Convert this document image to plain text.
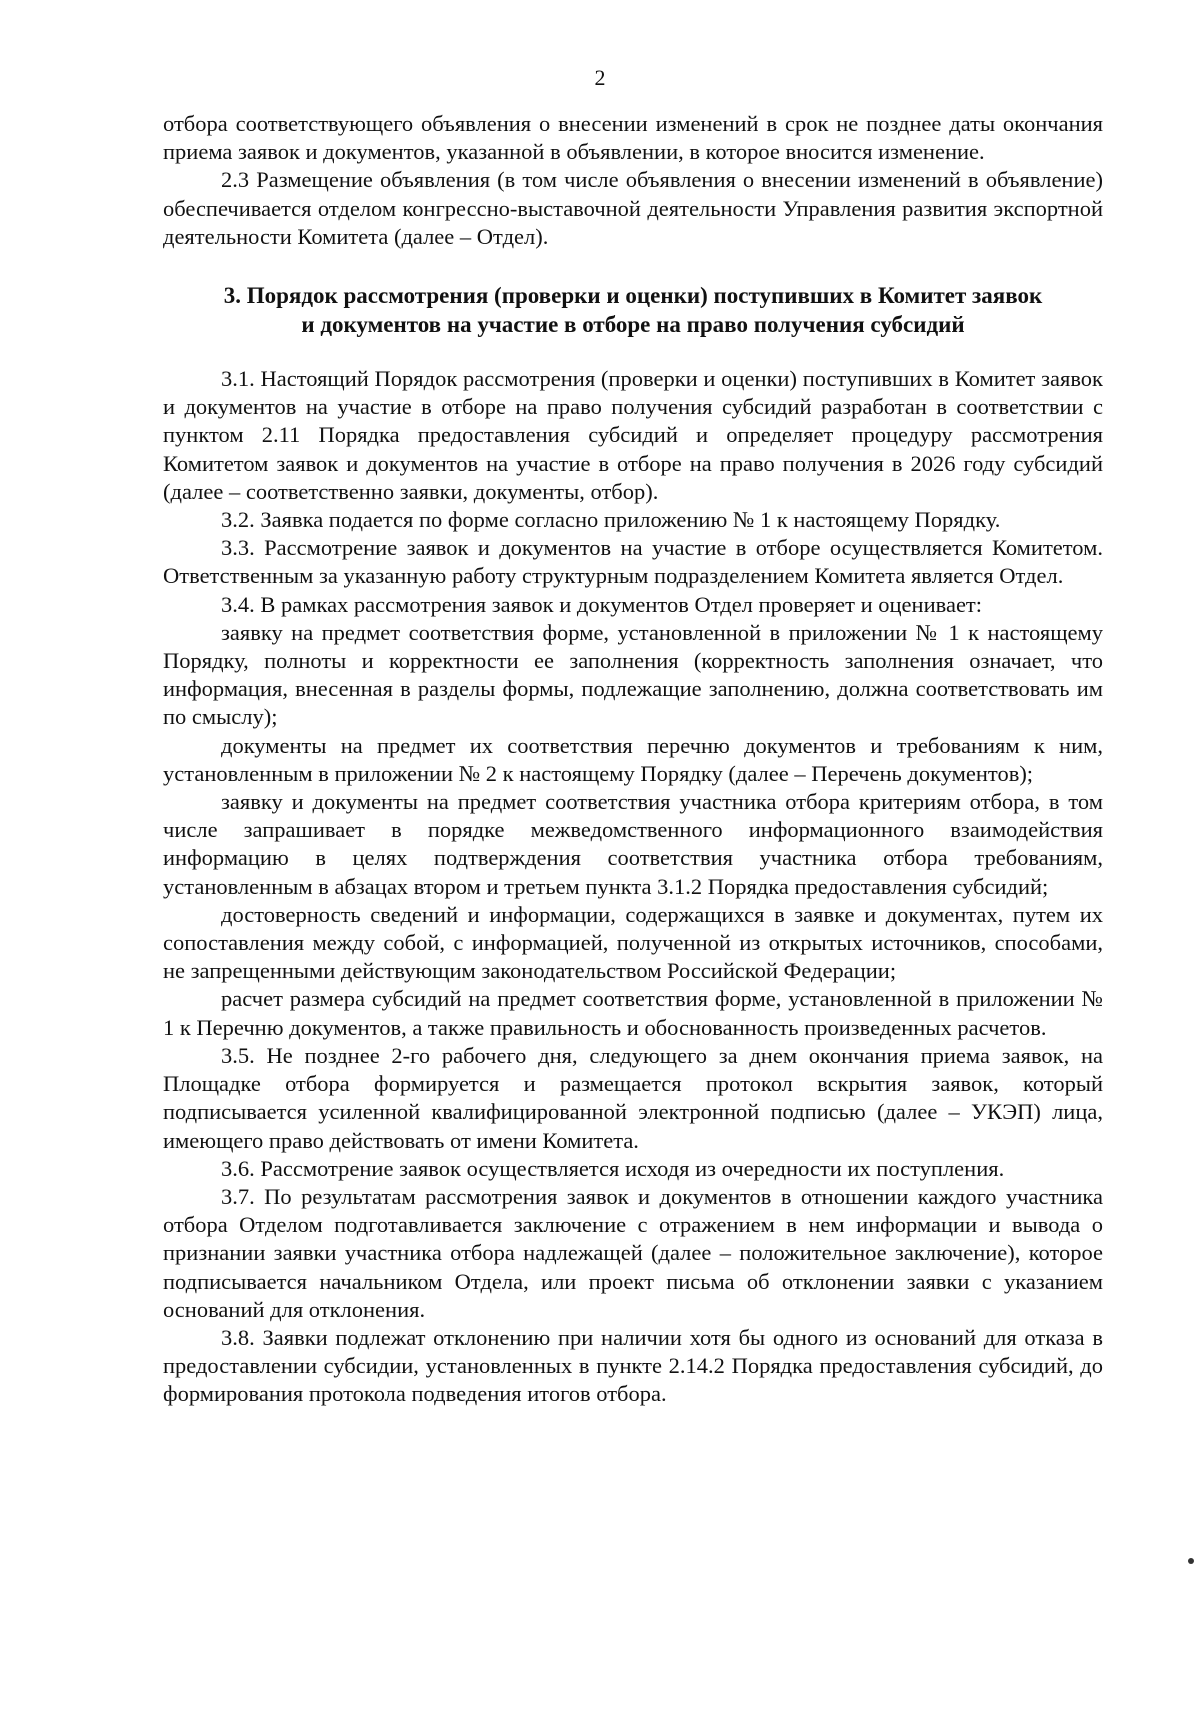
2

отбора соответствующего объявления о внесении изменений в срок не позднее даты окончания приема заявок и документов, указанной в объявлении, в которое вносится изменение.

2.3 Размещение объявления (в том числе объявления о внесении изменений в объявление) обеспечивается отделом конгрессно-выставочной деятельности Управления развития экспортной деятельности Комитета (далее – Отдел).

3. Порядок рассмотрения (проверки и оценки) поступивших в Комитет заявок
и документов на участие в отборе на право получения субсидий

3.1. Настоящий Порядок рассмотрения (проверки и оценки) поступивших в Комитет заявок и документов на участие в отборе на право получения субсидий разработан в соответствии с пунктом 2.11 Порядка предоставления субсидий и определяет процедуру рассмотрения Комитетом заявок и документов на участие в отборе на право получения в 2026 году субсидий (далее – соответственно заявки, документы, отбор).

3.2. Заявка подается по форме согласно приложению № 1 к настоящему Порядку.

3.3. Рассмотрение заявок и документов на участие в отборе осуществляется Комитетом. Ответственным за указанную работу структурным подразделением Комитета является Отдел.

3.4. В рамках рассмотрения заявок и документов Отдел проверяет и оценивает:

заявку на предмет соответствия форме, установленной в приложении № 1 к настоящему Порядку, полноты и корректности ее заполнения (корректность заполнения означает, что информация, внесенная в разделы формы, подлежащие заполнению, должна соответствовать им по смыслу);

документы на предмет их соответствия перечню документов и требованиям к ним, установленным в приложении № 2 к настоящему Порядку (далее – Перечень документов);

заявку и документы на предмет соответствия участника отбора критериям отбора, в том числе запрашивает в порядке межведомственного информационного взаимодействия информацию в целях подтверждения соответствия участника отбора требованиям, установленным в абзацах втором и третьем пункта 3.1.2 Порядка предоставления субсидий;

достоверность сведений и информации, содержащихся в заявке и документах, путем их сопоставления между собой, с информацией, полученной из открытых источников, способами, не запрещенными действующим законодательством Российской Федерации;

расчет размера субсидий на предмет соответствия форме, установленной в приложении № 1 к Перечню документов, а также правильность и обоснованность произведенных расчетов.

3.5. Не позднее 2-го рабочего дня, следующего за днем окончания приема заявок, на Площадке отбора формируется и размещается протокол вскрытия заявок, который подписывается усиленной квалифицированной электронной подписью (далее – УКЭП) лица, имеющего право действовать от имени Комитета.

3.6. Рассмотрение заявок осуществляется исходя из очередности их поступления.

3.7. По результатам рассмотрения заявок и документов в отношении каждого участника отбора Отделом подготавливается заключение с отражением в нем информации и вывода о признании заявки участника отбора надлежащей (далее – положительное заключение), которое подписывается начальником Отдела, или проект письма об отклонении заявки с указанием оснований для отклонения.

3.8. Заявки подлежат отклонению при наличии хотя бы одного из оснований для отказа в предоставлении субсидии, установленных в пункте 2.14.2 Порядка предоставления субсидий, до формирования протокола подведения итогов отбора.
